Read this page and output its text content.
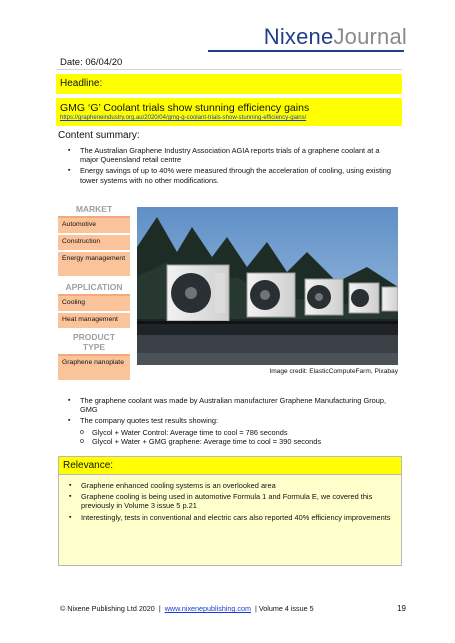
NixeneJournal
Date: 06/04/20
Headline:
GMG ‘G’ Coolant trials show stunning efficiency gains
https://grapheneindustry.org.au/2020/04/gmg-g-coolant-trials-show-stunning-efficiency-gains/
Content summary:
▪ The Australian Graphene Industry Association AGIA reports trials of a graphene coolant at a major Queensland retail centre
▪ Energy savings of up to 40% were measured through the acceleration of cooling, using existing tower systems with no other modifications.
MARKET
Automotive
Construction
Energy management
APPLICATION
Cooling
Heat management
PRODUCT
TYPE
Graphene nanoplate
Image credit: ElasticComputeFarm, Pixabay
▪ The graphene coolant was made by Australian manufacturer Graphene Manufacturing Group, GMG
▪ The company quotes test results showing:
o Glycol + Water Control: Average time to cool = 786 seconds
o Glycol + Water + GMG graphene: Average time to cool = 390 seconds
Relevance:
▪ Graphene enhanced cooling systems is an overlooked area
▪ Graphene cooling is being used in automotive Formula 1 and Formula E, we covered this previously in Volume 3 issue 5 p.21
▪ Interestingly, tests in conventional and electric cars also reported 40% efficiency improvements
© Nixene Publishing Ltd 2020 | www.nixenepublishing.com | Volume 4 issue 5	19
